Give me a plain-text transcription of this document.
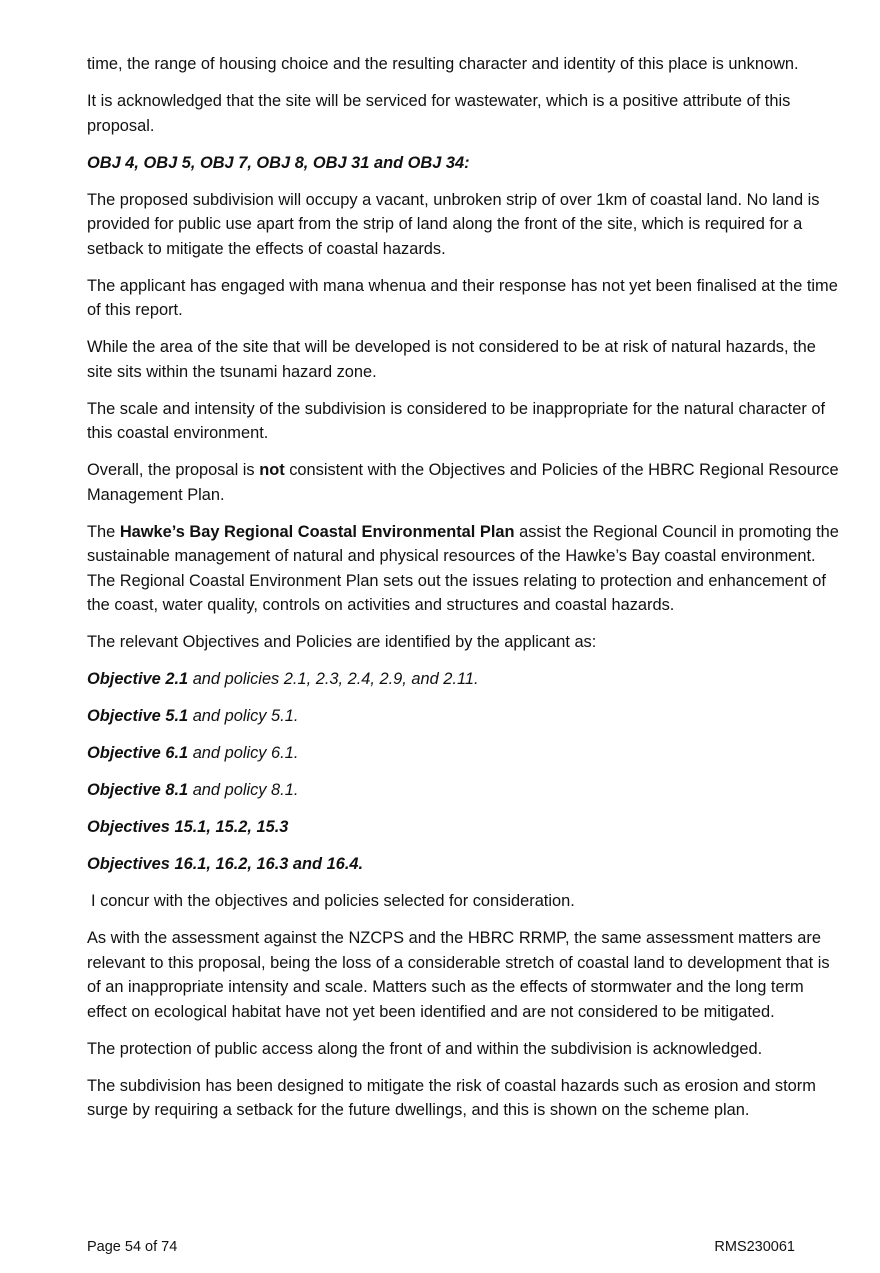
time, the range of housing choice and the resulting character and identity of this place is unknown.

It is acknowledged that the site will be serviced for wastewater, which is a positive attribute of this proposal.

OBJ 4, OBJ 5, OBJ 7, OBJ 8, OBJ 31 and OBJ 34:

The proposed subdivision will occupy a vacant, unbroken strip of over 1km of coastal land. No land is provided for public use apart from the strip of land along the front of the site, which is required for a setback to mitigate the effects of coastal hazards.

The applicant has engaged with mana whenua and their response has not yet been finalised at the time of this report.

While the area of the site that will be developed is not considered to be at risk of natural hazards, the site sits within the tsunami hazard zone.

The scale and intensity of the subdivision is considered to be inappropriate for the natural character of this coastal environment.

Overall, the proposal is not consistent with the Objectives and Policies of the HBRC Regional Resource Management Plan.

The Hawke’s Bay Regional Coastal Environmental Plan assist the Regional Council in promoting the sustainable management of natural and physical resources of the Hawke’s Bay coastal environment. The Regional Coastal Environment Plan sets out the issues relating to protection and enhancement of the coast, water quality, controls on activities and structures and coastal hazards.

The relevant Objectives and Policies are identified by the applicant as:

Objective 2.1 and policies 2.1, 2.3, 2.4, 2.9, and 2.11.

Objective 5.1 and policy 5.1.

Objective 6.1 and policy 6.1.

Objective 8.1 and policy 8.1.

Objectives 15.1, 15.2, 15.3

Objectives 16.1, 16.2, 16.3 and 16.4.

I concur with the objectives and policies selected for consideration.

As with the assessment against the NZCPS and the HBRC RRMP, the same assessment matters are relevant to this proposal, being the loss of a considerable stretch of coastal land to development that is of an inappropriate intensity and scale. Matters such as the effects of stormwater and the long term effect on ecological habitat have not yet been identified and are not considered to be mitigated.

The protection of public access along the front of and within the subdivision is acknowledged.

The subdivision has been designed to mitigate the risk of coastal hazards such as erosion and storm surge by requiring a setback for the future dwellings, and this is shown on the scheme plan.

Page 54 of 74	RMS230061
